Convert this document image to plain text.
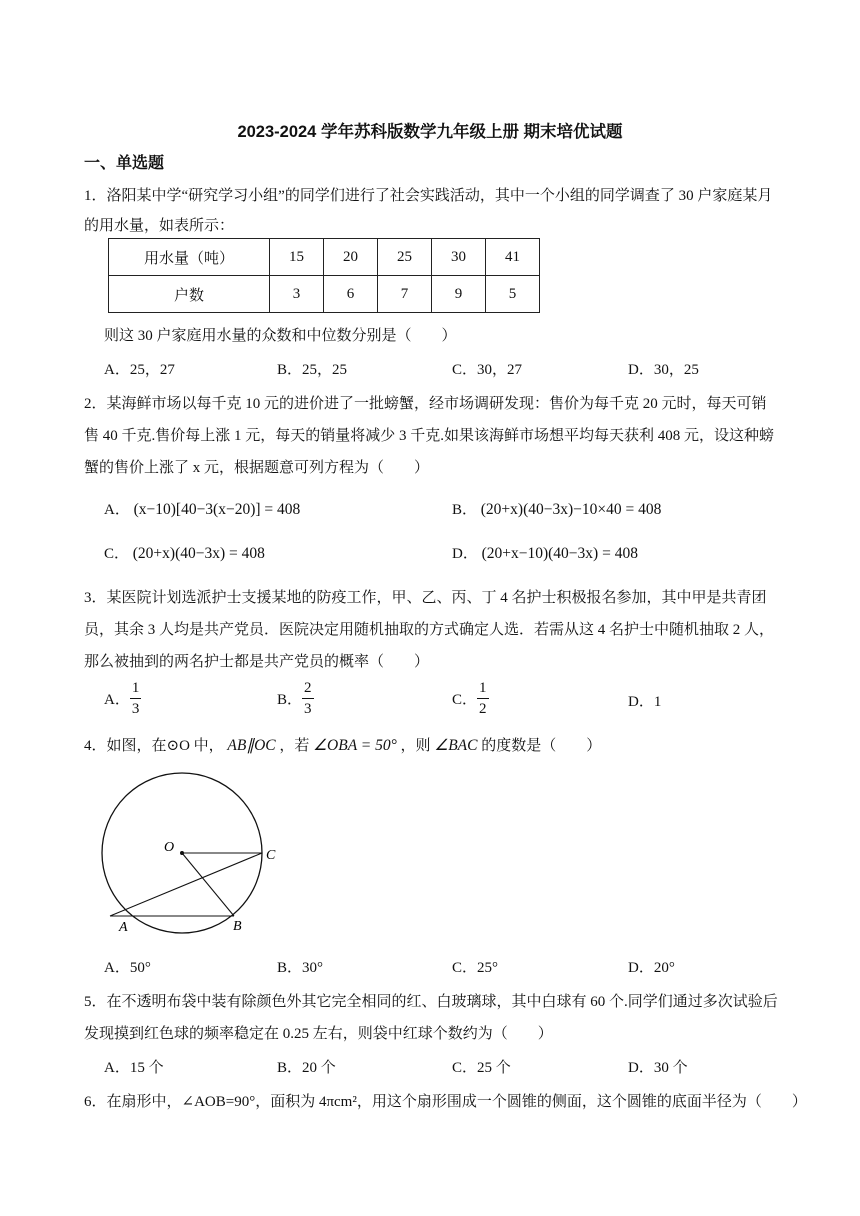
2023-2024 学年苏科版数学九年级上册 期末培优试题
一、单选题
1．洛阳某中学“研究学习小组”的同学们进行了社会实践活动，其中一个小组的同学调查了 30 户家庭某月
的用水量，如表所示：
用水量（吨）	15	20	25	30	41
户数	3	6	7	9	5
则这 30 户家庭用水量的众数和中位数分别是（　　）
A．25，27	B．25，25	C．30，27	D．30，25
2．某海鲜市场以每千克 10 元的进价进了一批螃蟹，经市场调研发现：售价为每千克 20 元时，每天可销
售 40 千克.售价每上涨 1 元，每天的销量将减少 3 千克.如果该海鲜市场想平均每天获利 408 元，设这种螃
蟹的售价上涨了 x 元，根据题意可列方程为（　　）
A． (x−10)[40−3(x−20)] = 408	B． (20+x)(40−3x)−10×40 = 408
C． (20+x)(40−3x) = 408	D． (20+x−10)(40−3x) = 408
3．某医院计划选派护士支援某地的防疫工作，甲、乙、丙、丁 4 名护士积极报名参加，其中甲是共青团
员，其余 3 人均是共产党员．医院决定用随机抽取的方式确定人选．若需从这 4 名护士中随机抽取 2 人，
那么被抽到的两名护士都是共产党员的概率（　　）
A． $\frac{1}{3}$	B． $\frac{2}{3}$	C． $\frac{1}{2}$	D．1
4．如图，在⊙O 中， AB∥OC ，若 ∠OBA = 50° ，则 ∠BAC 的度数是（　　）
O
C
A	B
A．50°	B．30°	C．25°	D．20°
5．在不透明布袋中装有除颜色外其它完全相同的红、白玻璃球，其中白球有 60 个.同学们通过多次试验后
发现摸到红色球的频率稳定在 0.25 左右，则袋中红球个数约为（　　）
A．15 个	B．20 个	C．25 个	D．30 个
6．在扇形中，∠AOB=90°，面积为 4πcm²，用这个扇形围成一个圆锥的侧面，这个圆锥的底面半径为（　　）
